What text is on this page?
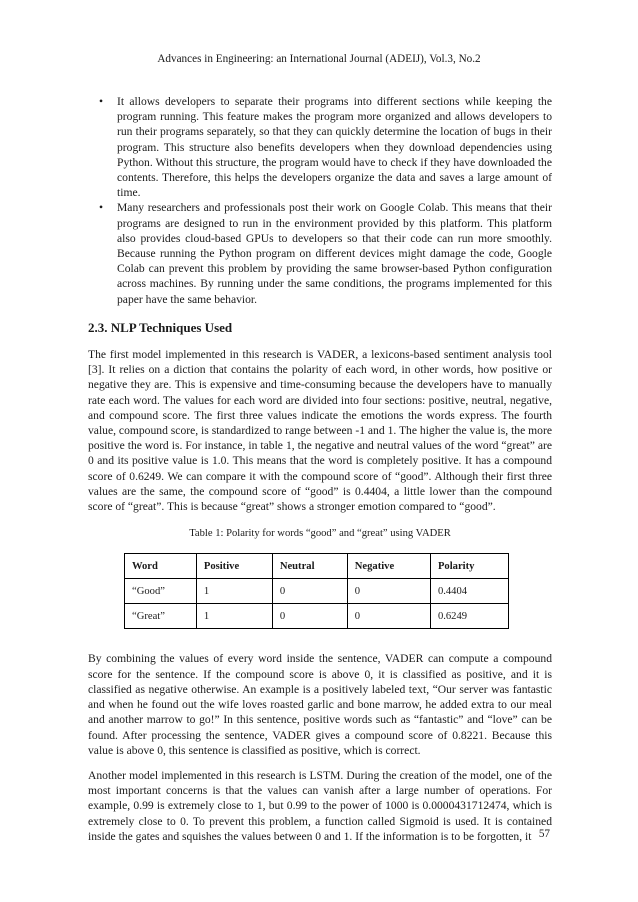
Advances in Engineering: an International Journal (ADEIJ), Vol.3, No.2
• It allows developers to separate their programs into different sections while keeping the program running. This feature makes the program more organized and allows developers to run their programs separately, so that they can quickly determine the location of bugs in their program. This structure also benefits developers when they download dependencies using Python. Without this structure, the program would have to check if they have downloaded the contents. Therefore, this helps the developers organize the data and saves a large amount of time.
• Many researchers and professionals post their work on Google Colab. This means that their programs are designed to run in the environment provided by this platform. This platform also provides cloud-based GPUs to developers so that their code can run more smoothly. Because running the Python program on different devices might damage the code, Google Colab can prevent this problem by providing the same browser-based Python configuration across machines. By running under the same conditions, the programs implemented for this paper have the same behavior.
2.3. NLP Techniques Used

The first model implemented in this research is VADER, a lexicons-based sentiment analysis tool [3]. It relies on a diction that contains the polarity of each word, in other words, how positive or negative they are. This is expensive and time-consuming because the developers have to manually rate each word. The values for each word are divided into four sections: positive, neutral, negative, and compound score. The first three values indicate the emotions the words express. The fourth value, compound score, is standardized to range between -1 and 1. The higher the value is, the more positive the word is. For instance, in table 1, the negative and neutral values of the word “great” are 0 and its positive value is 1.0. This means that the word is completely positive. It has a compound score of 0.6249. We can compare it with the compound score of “good”. Although their first three values are the same, the compound score of “good” is 0.4404, a little lower than the compound score of “great”. This is because “great” shows a stronger emotion compared to “good”.

Table 1: Polarity for words “good” and “great” using VADER
Word	Positive	Neutral	Negative	Polarity
“Good”	1	0	0	0.4404
“Great”	1	0	0	0.6249

By combining the values of every word inside the sentence, VADER can compute a compound score for the sentence. If the compound score is above 0, it is classified as positive, and it is classified as negative otherwise. An example is a positively labeled text, “Our server was fantastic and when he found out the wife loves roasted garlic and bone marrow, he added extra to our meal and another marrow to go!” In this sentence, positive words such as “fantastic” and “love” can be found. After processing the sentence, VADER gives a compound score of 0.8221. Because this value is above 0, this sentence is classified as positive, which is correct.

Another model implemented in this research is LSTM. During the creation of the model, one of the most important concerns is that the values can vanish after a large number of operations. For example, 0.99 is extremely close to 1, but 0.99 to the power of 1000 is 0.0000431712474, which is extremely close to 0. To prevent this problem, a function called Sigmoid is used. It is contained inside the gates and squishes the values between 0 and 1. If the information is to be forgotten, it 57
